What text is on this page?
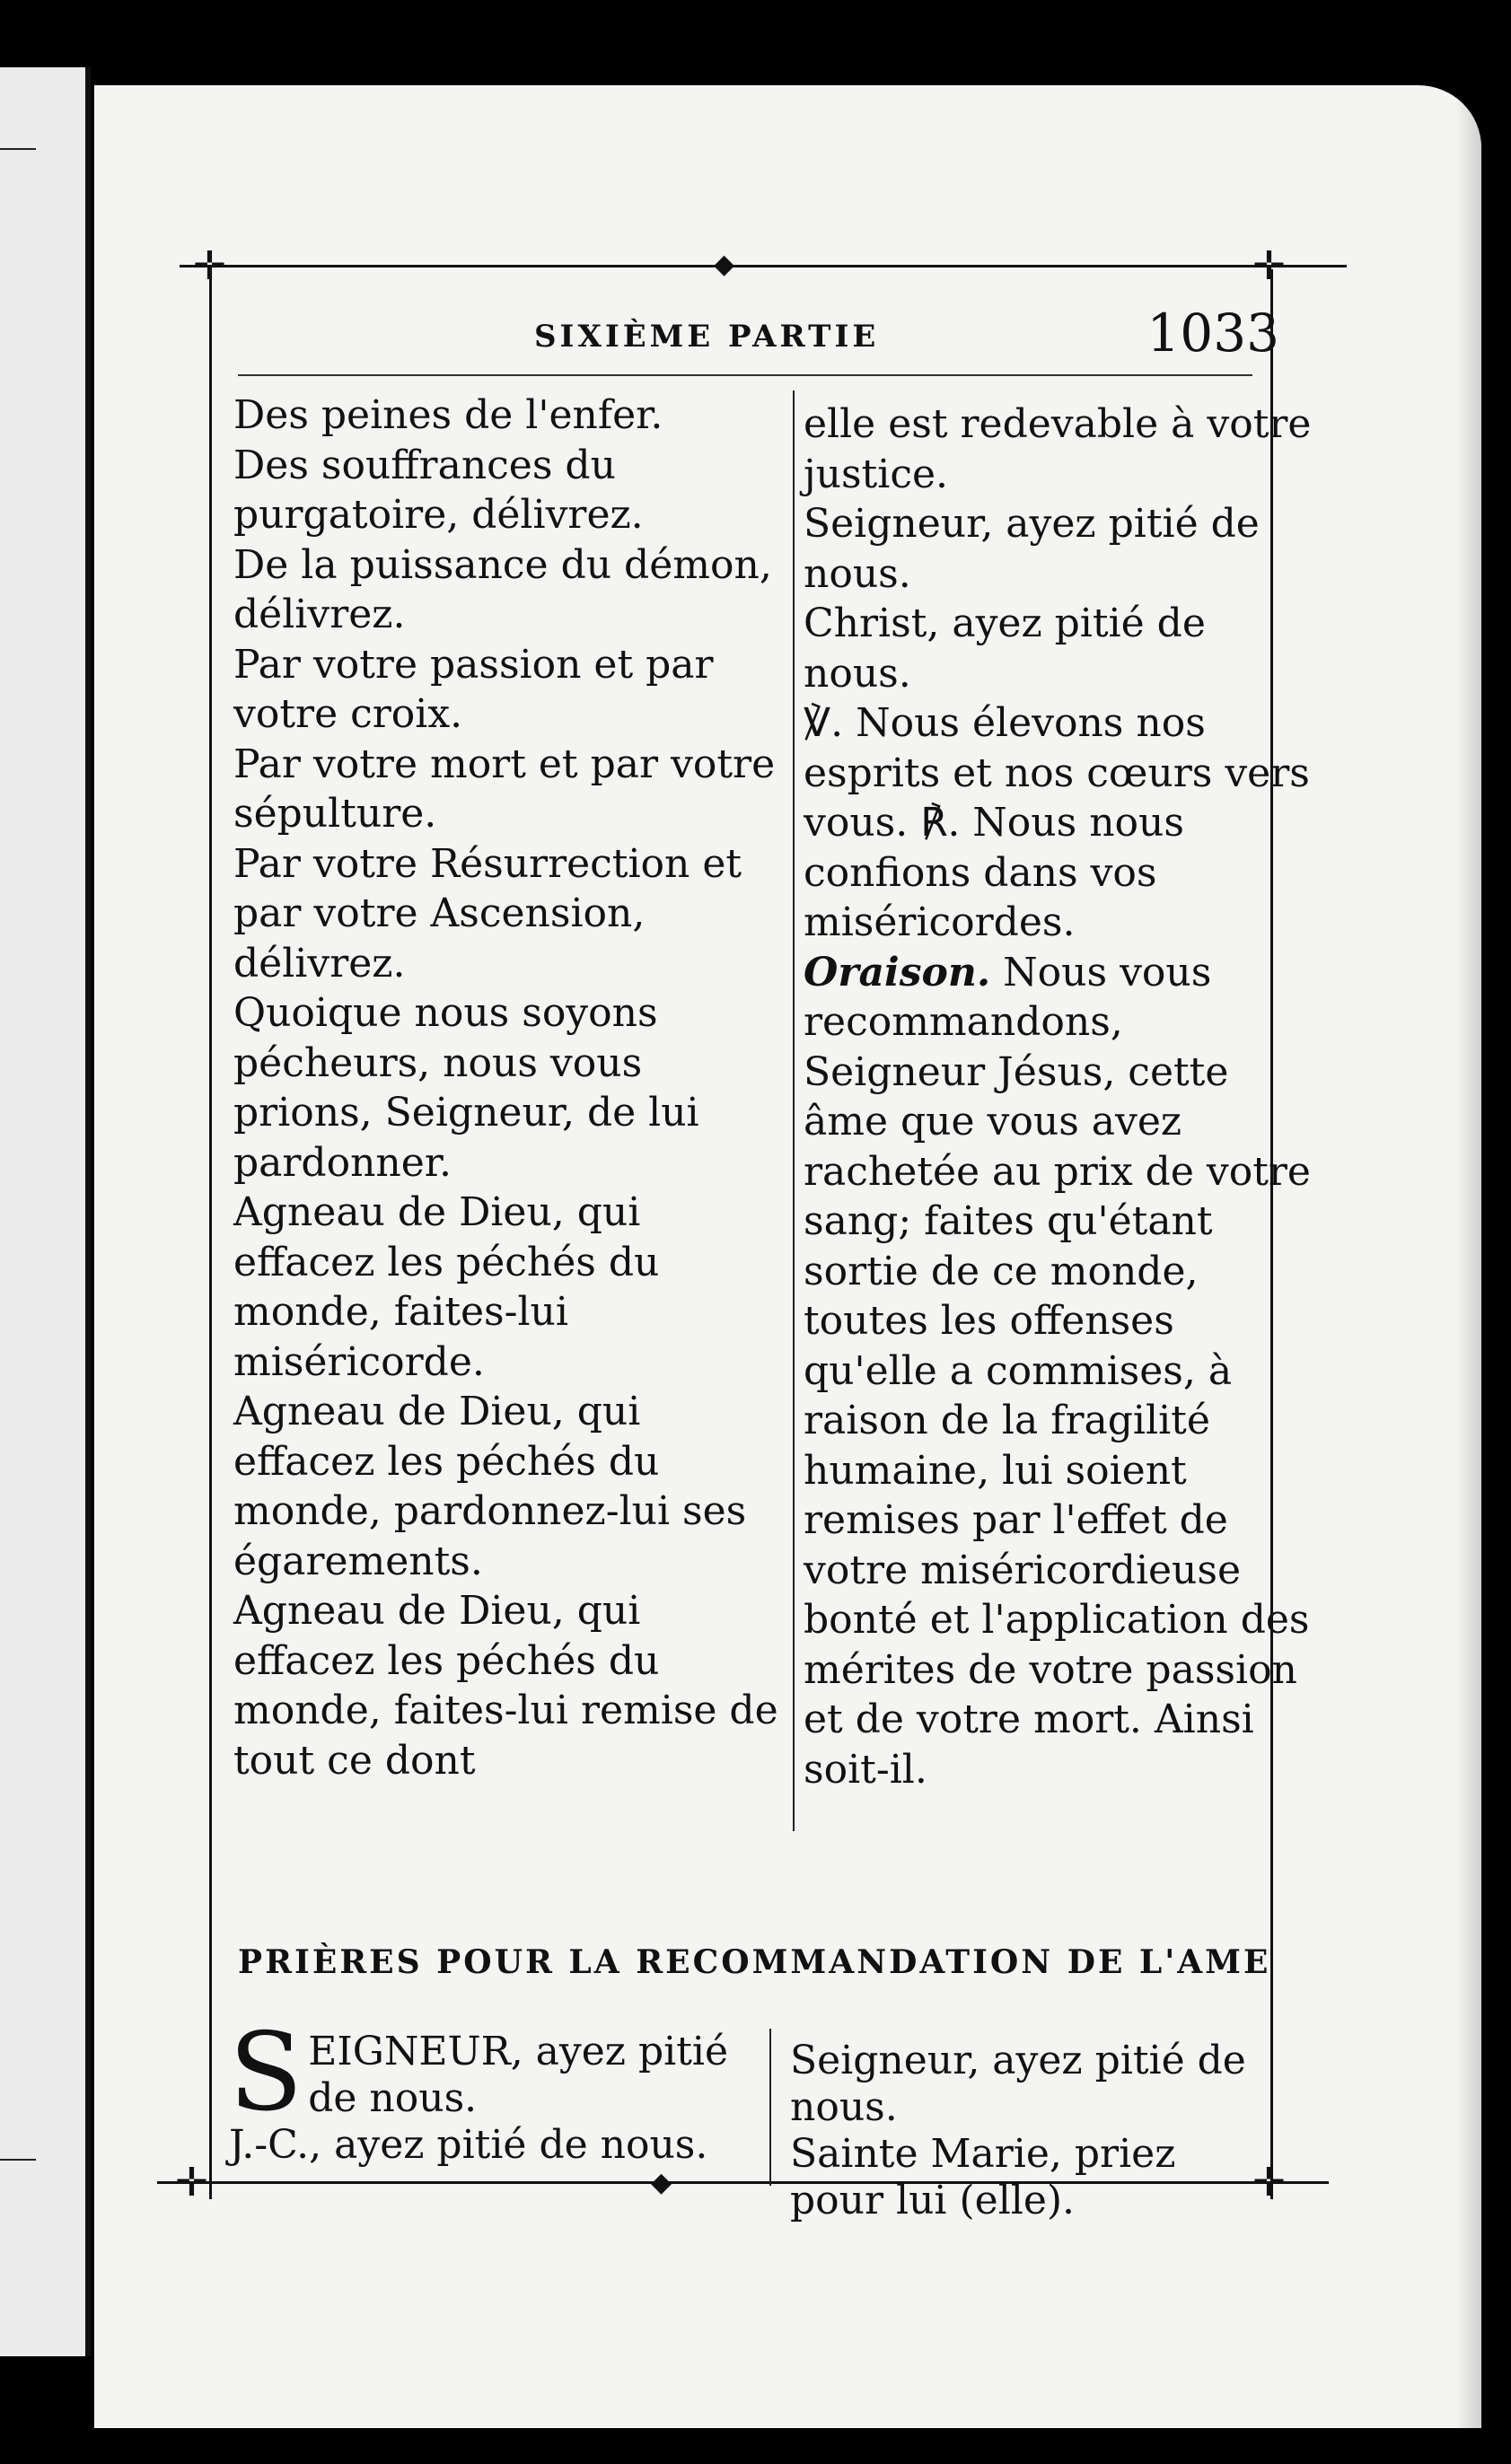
✛	✛
✛	✛
◆
◆
SIXIÈME PARTIE	1033

Des peines de l'enfer.

Des souffrances du purgatoire, délivrez.

De la puissance du démon, délivrez.

Par votre passion et par votre croix.

Par votre mort et par votre sépulture.

Par votre Résurrection et par votre Ascension, délivrez.

Quoique nous soyons pécheurs, nous vous prions, Seigneur, de lui pardonner.

Agneau de Dieu, qui effacez les péchés du monde, faites-lui miséricorde.

Agneau de Dieu, qui effacez les péchés du monde, pardonnez-lui ses égarements.

Agneau de Dieu, qui effacez les péchés du monde, faites-lui remise de tout ce dont

elle est redevable à votre justice.

Seigneur, ayez pitié de nous.

Christ, ayez pitié de nous.

℣. Nous élevons nos esprits et nos cœurs vers vous. ℟. Nous nous confions dans vos miséricordes.

Oraison. Nous vous recommandons, Seigneur Jésus, cette âme que vous avez rachetée au prix de votre sang; faites qu'étant sortie de ce monde, toutes les offenses qu'elle a commises, à raison de la fragilité humaine, lui soient remises par l'effet de votre miséricordieuse bonté et l'application des mérites de votre passion et de votre mort. Ainsi soit-il.

PRIÈRES POUR LA RECOMMANDATION DE L'AME

SEIGNEUR, ayez pitié de nous.

J.-C., ayez pitié de nous.

Seigneur, ayez pitié de nous.

Sainte Marie, priez pour lui (elle).
